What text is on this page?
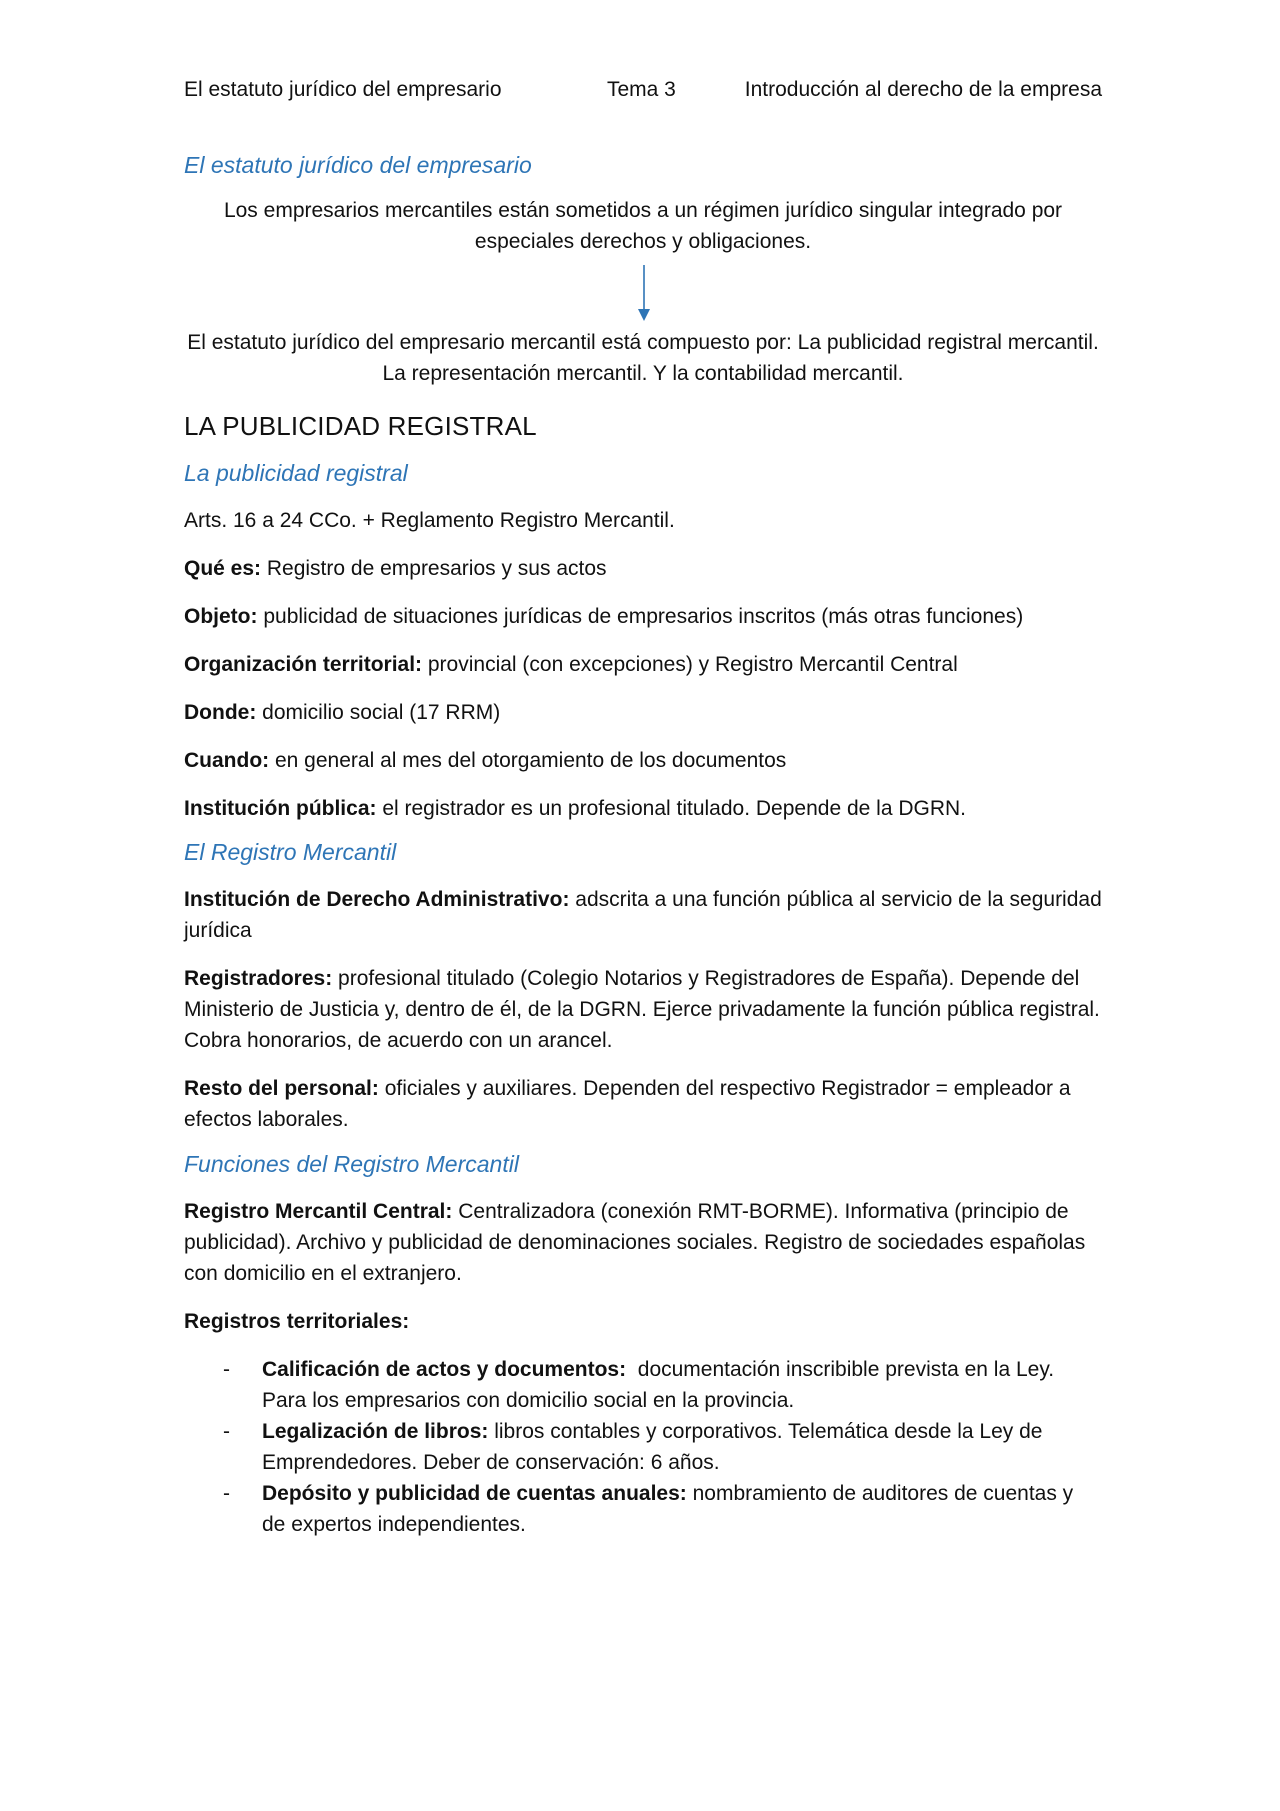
El estatuto jurídico del empresario	Tema 3	Introducción al derecho de la empresa
El estatuto jurídico del empresario

Los empresarios mercantiles están sometidos a un régimen jurídico singular integrado por especiales derechos y obligaciones.

El estatuto jurídico del empresario mercantil está compuesto por: La publicidad registral mercantil. La representación mercantil. Y la contabilidad mercantil.

LA PUBLICIDAD REGISTRAL
La publicidad registral

Arts. 16 a 24 CCo. + Reglamento Registro Mercantil.

Qué es: Registro de empresarios y sus actos

Objeto: publicidad de situaciones jurídicas de empresarios inscritos (más otras funciones)

Organización territorial: provincial (con excepciones) y Registro Mercantil Central

Donde: domicilio social (17 RRM)

Cuando: en general al mes del otorgamiento de los documentos

Institución pública: el registrador es un profesional titulado. Depende de la DGRN.

El Registro Mercantil

Institución de Derecho Administrativo: adscrita a una función pública al servicio de la seguridad jurídica

Registradores: profesional titulado (Colegio Notarios y Registradores de España). Depende del Ministerio de Justicia y, dentro de él, de la DGRN. Ejerce privadamente la función pública registral. Cobra honorarios, de acuerdo con un arancel.

Resto del personal: oficiales y auxiliares. Dependen del respectivo Registrador = empleador a efectos laborales.

Funciones del Registro Mercantil

Registro Mercantil Central: Centralizadora (conexión RMT-BORME). Informativa (principio de publicidad). Archivo y publicidad de denominaciones sociales. Registro de sociedades españolas con domicilio en el extranjero.

Registros territoriales:

- Calificación de actos y documentos:  documentación inscribible prevista en la Ley. Para los empresarios con domicilio social en la provincia.
- Legalización de libros: libros contables y corporativos. Telemática desde la Ley de Emprendedores. Deber de conservación: 6 años.
- Depósito y publicidad de cuentas anuales: nombramiento de auditores de cuentas y de expertos independientes.
